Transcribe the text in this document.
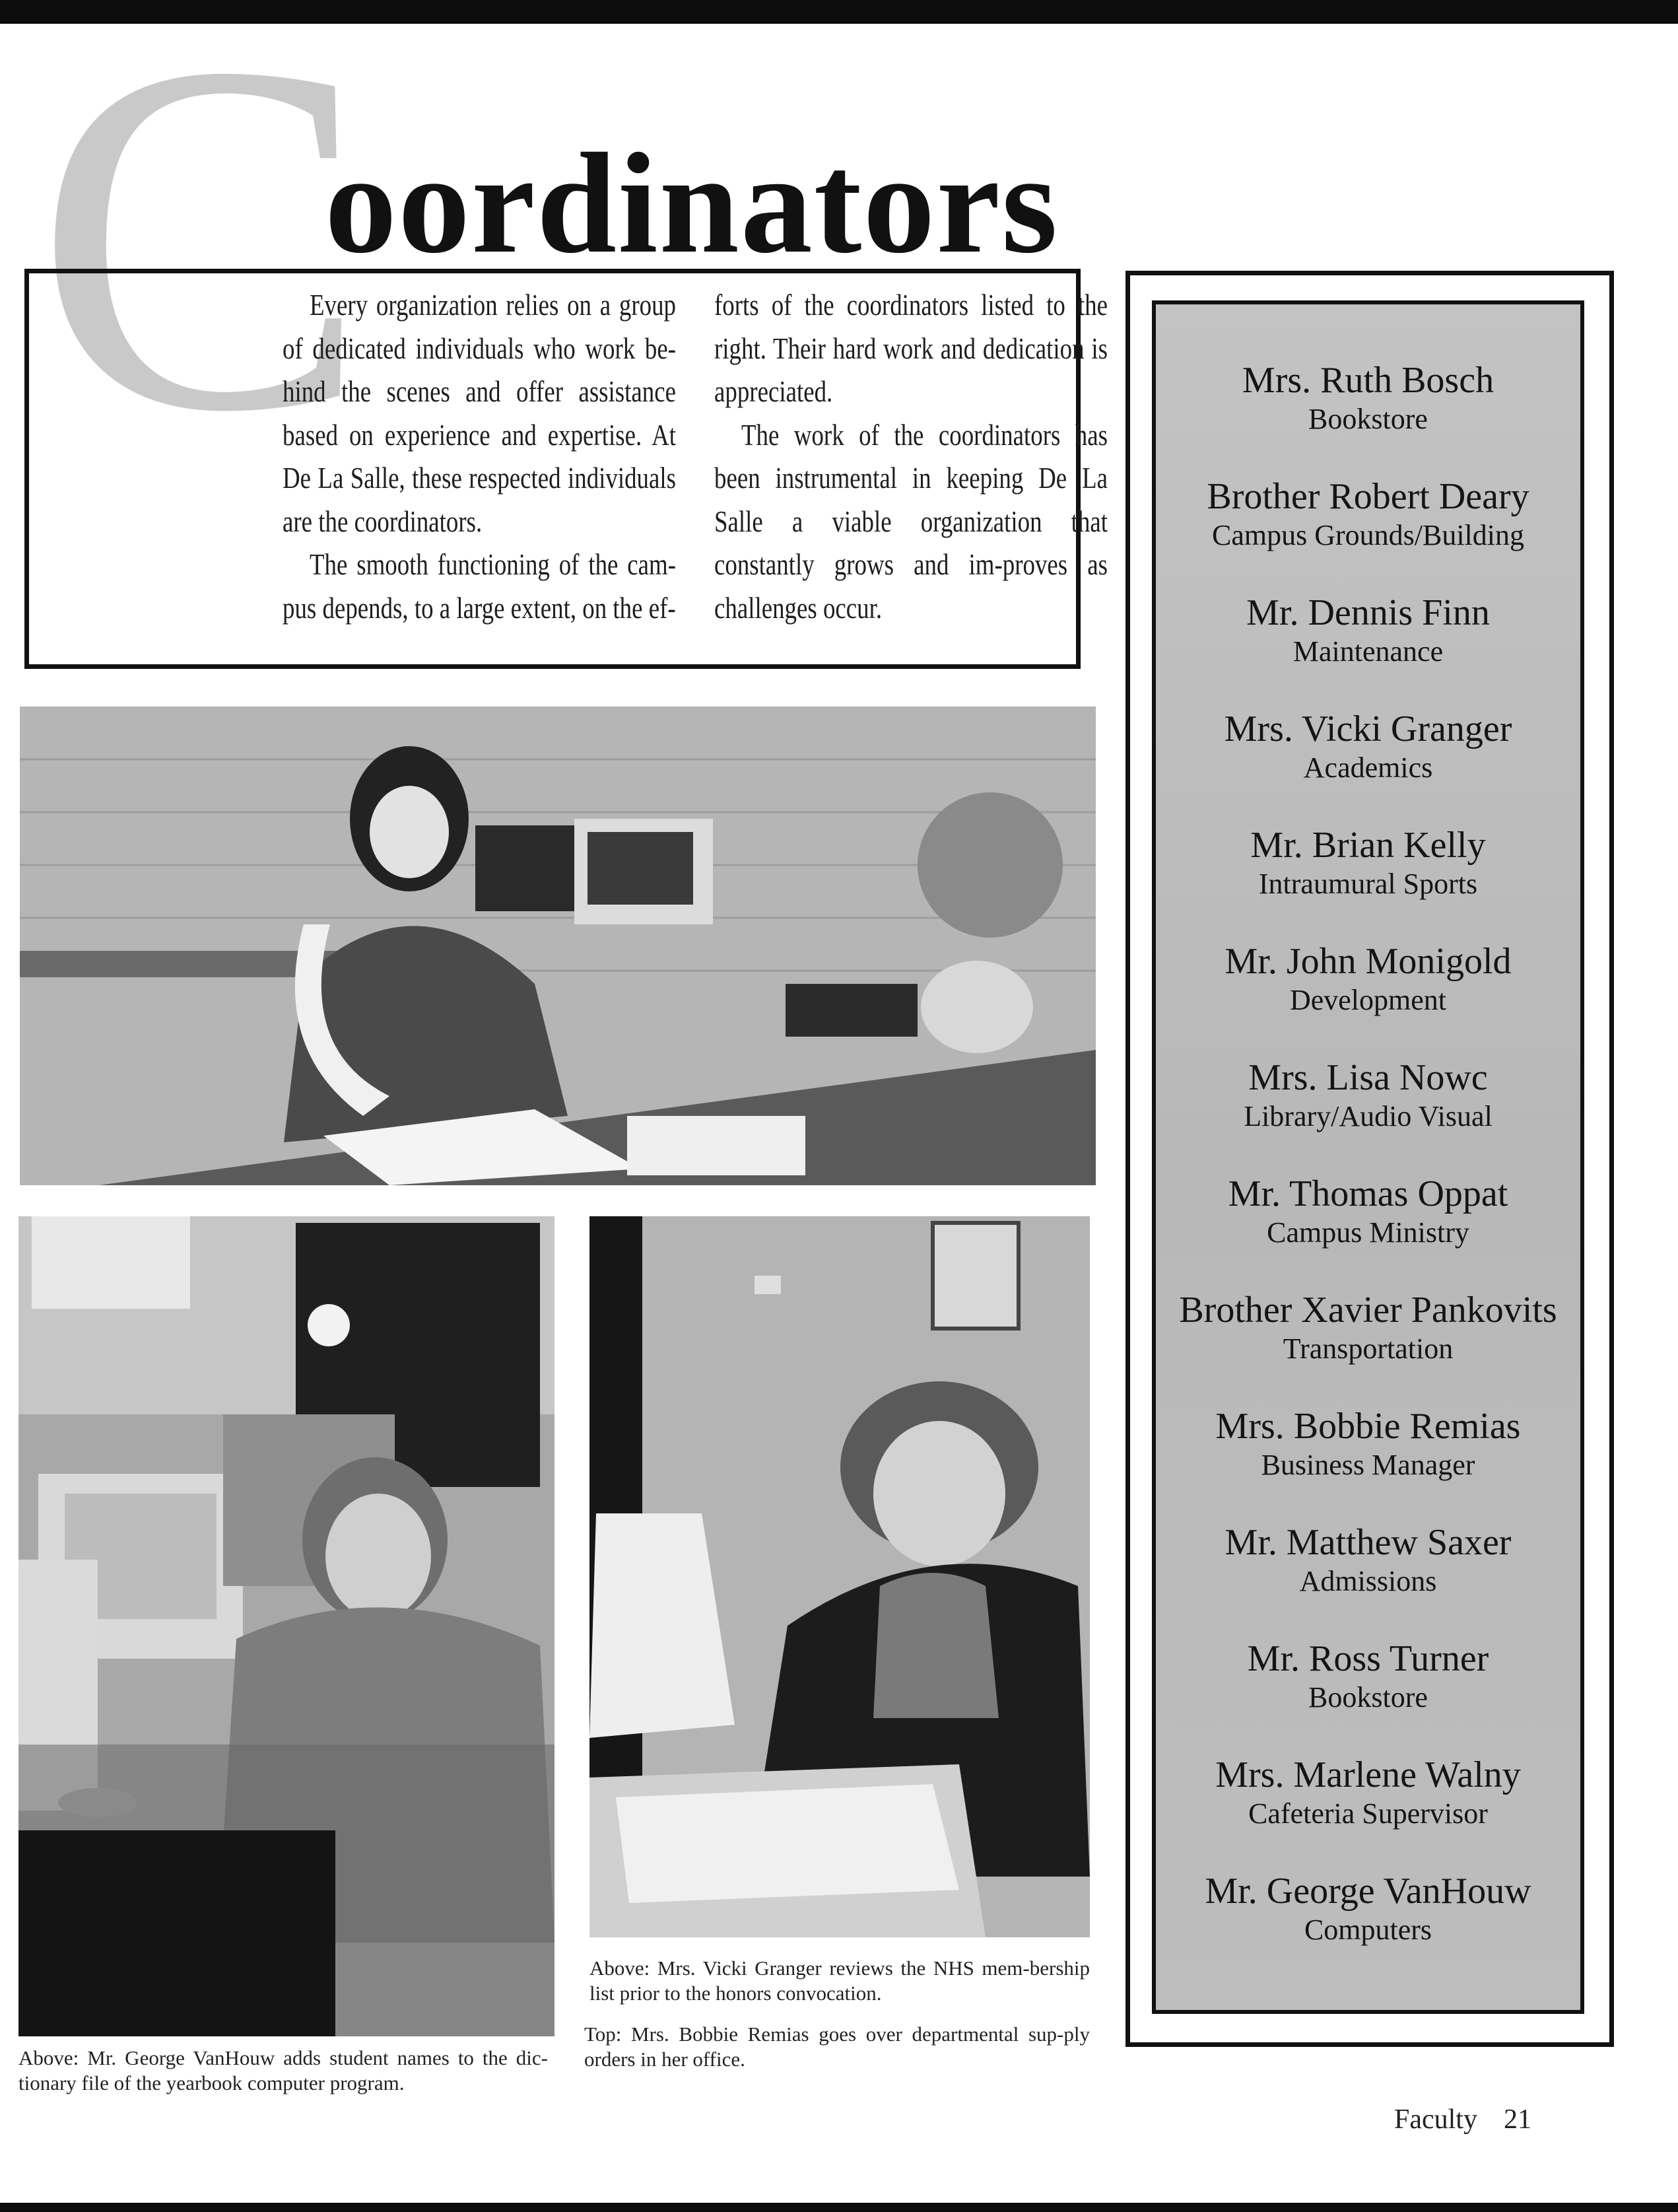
C
oordinators

Every organization relies on a group of dedicated individuals who work be-hind the scenes and offer assistance based on experience and expertise. At De La Salle, these respected individuals are the coordinators.

The smooth functioning of the cam-pus depends, to a large extent, on the ef-

forts of the coordinators listed to the right. Their hard work and dedication is appreciated.

The work of the coordinators has been instrumental in keeping De La Salle a viable organization that constantly grows and im-proves as challenges occur.

Above: Mr. George VanHouw adds student names to the dic-tionary file of the yearbook computer program.

Above: Mrs. Vicki Granger reviews the NHS mem-bership list prior to the honors convocation.

Top: Mrs. Bobbie Remias goes over departmental sup-ply orders in her office.

Mrs. Ruth Bosch
Bookstore
Brother Robert Deary
Campus Grounds/Building
Mr. Dennis Finn
Maintenance
Mrs. Vicki Granger
Academics
Mr. Brian Kelly
Intraumural Sports
Mr. John Monigold
Development
Mrs. Lisa Nowc
Library/Audio Visual
Mr. Thomas Oppat
Campus Ministry
Brother Xavier Pankovits
Transportation
Mrs. Bobbie Remias
Business Manager
Mr. Matthew Saxer
Admissions
Mr. Ross Turner
Bookstore
Mrs. Marlene Walny
Cafeteria Supervisor
Mr. George VanHouw
Computers
Faculty 21
